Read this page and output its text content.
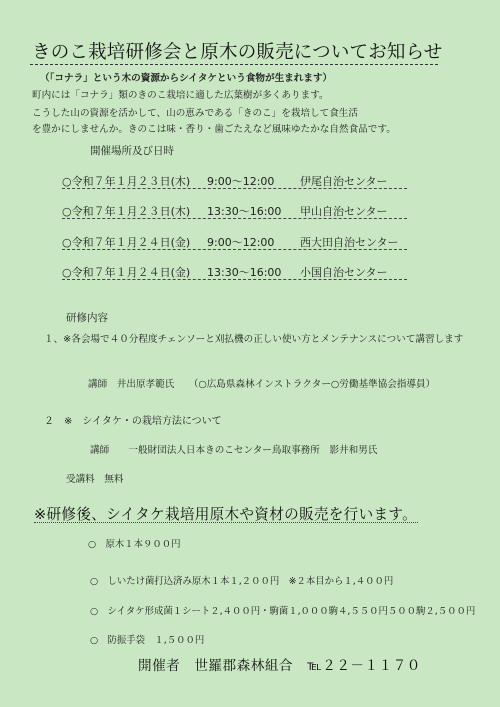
きのこ栽培研修会と原木の販売についてお知らせ
（「コナラ」という木の資源からシイタケという食物が生まれます）
町内には「コナラ」類のきのこ栽培に適した広葉樹が多くあります。
こうした山の資源を活かして、山の恵みである「きのこ」を栽培して食生活
を豊かにしませんか。きのこは味・香り・歯ごたえなど風味ゆたかな自然食品です。
開催場所及び日時
○令和７年１月２３日(木) 9:00～12:00 伊尾自治センター
○令和７年１月２３日(木) 13:30～16:00 甲山自治センター
○令和７年１月２４日(金) 9:00～12:00 西大田自治センター
○令和７年１月２４日(金) 13:30～16:00 小国自治センター
研修内容
１、※各会場で４０分程度チェンソーと刈払機の正しい使い方とメンテナンスについて講習します
講師　井出原孝範氏　　（○広島県森林インストラクター○労働基準協会指導員）
２　※　シイタケ・の栽培方法について
講師　　一般財団法人日本きのこセンター鳥取事務所　影井和男氏
受講料　無料
※研修後、シイタケ栽培用原木や資材の販売を行います。
○　原木１本９００円
○　しいたけ菌打込済み原木１本１,２００円　※２本目から１,４００円
○　シイタケ形成菌１シート２,４００円・駒菌１,０００駒４,５５０円５００駒２,５００円
○　防振手袋　１,５００円
開催者　世羅郡森林組合　℡２２－１１７０
